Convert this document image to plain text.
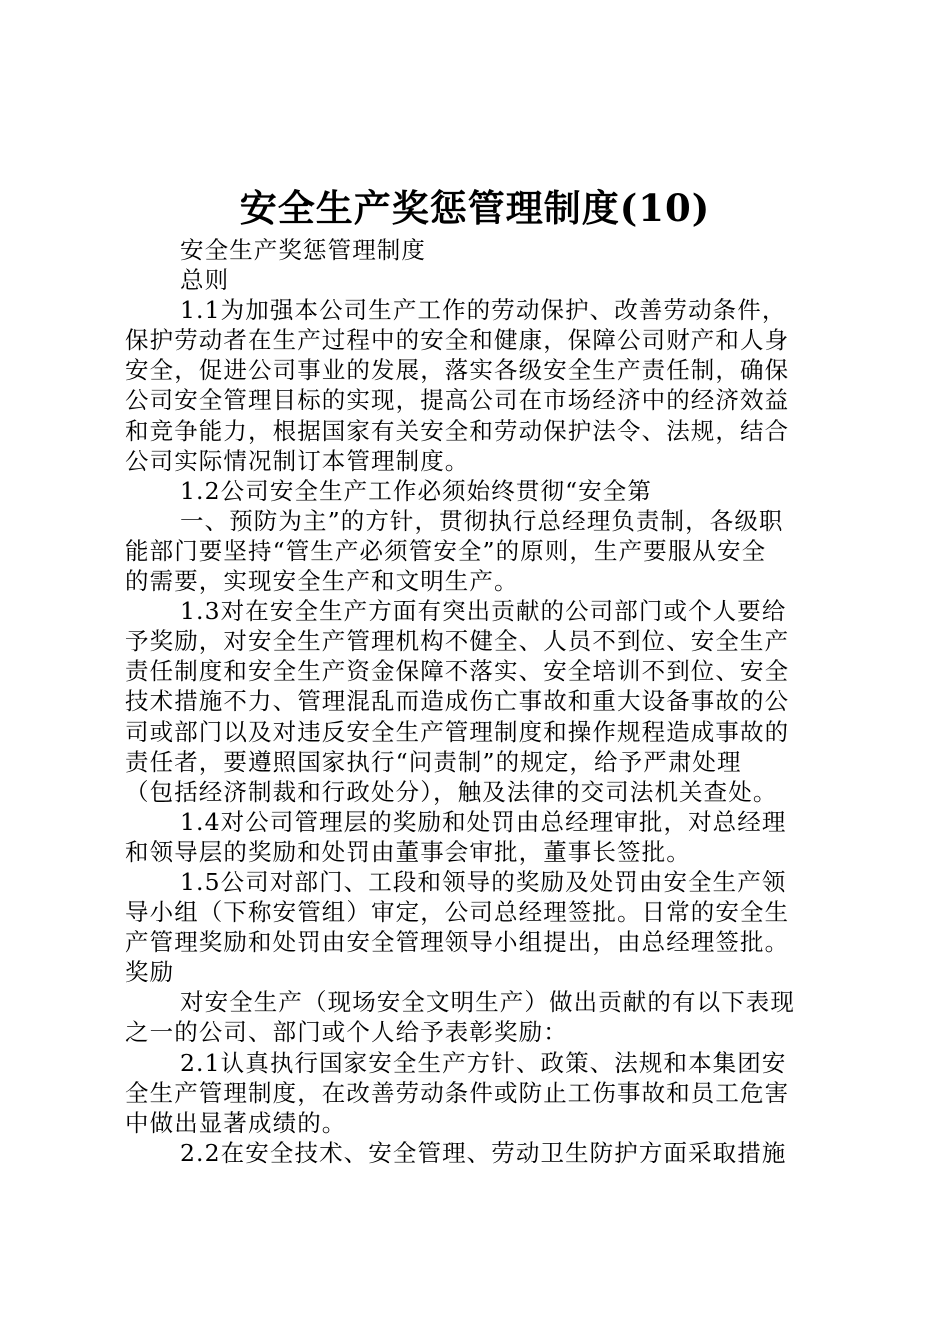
安全生产奖惩管理制度(10)

安全生产奖惩管理制度

总则

1.1为加强本公司生产工作的劳动保护、改善劳动条件，

保护劳动者在生产过程中的安全和健康，保障公司财产和人身

安全，促进公司事业的发展，落实各级安全生产责任制，确保

公司安全管理目标的实现，提高公司在市场经济中的经济效益

和竞争能力，根据国家有关安全和劳动保护法令、法规，结合

公司实际情况制订本管理制度。

1.2公司安全生产工作必须始终贯彻“安全第

一、预防为主”的方针，贯彻执行总经理负责制，各级职

能部门要坚持“管生产必须管安全”的原则，生产要服从安全

的需要，实现安全生产和文明生产。

1.3对在安全生产方面有突出贡献的公司部门或个人要给

予奖励，对安全生产管理机构不健全、人员不到位、安全生产

责任制度和安全生产资金保障不落实、安全培训不到位、安全

技术措施不力、管理混乱而造成伤亡事故和重大设备事故的公

司或部门以及对违反安全生产管理制度和操作规程造成事故的

责任者，要遵照国家执行“问责制”的规定，给予严肃处理

（包括经济制裁和行政处分），触及法律的交司法机关查处。

1.4对公司管理层的奖励和处罚由总经理审批，对总经理

和领导层的奖励和处罚由董事会审批，董事长签批。

1.5公司对部门、工段和领导的奖励及处罚由安全生产领

导小组（下称安管组）审定，公司总经理签批。日常的安全生

产管理奖励和处罚由安全管理领导小组提出，由总经理签批。

奖励

对安全生产（现场安全文明生产）做出贡献的有以下表现

之一的公司、部门或个人给予表彰奖励：

2.1认真执行国家安全生产方针、政策、法规和本集团安

全生产管理制度，在改善劳动条件或防止工伤事故和员工危害

中做出显著成绩的。

2.2在安全技术、安全管理、劳动卫生防护方面采取措施
